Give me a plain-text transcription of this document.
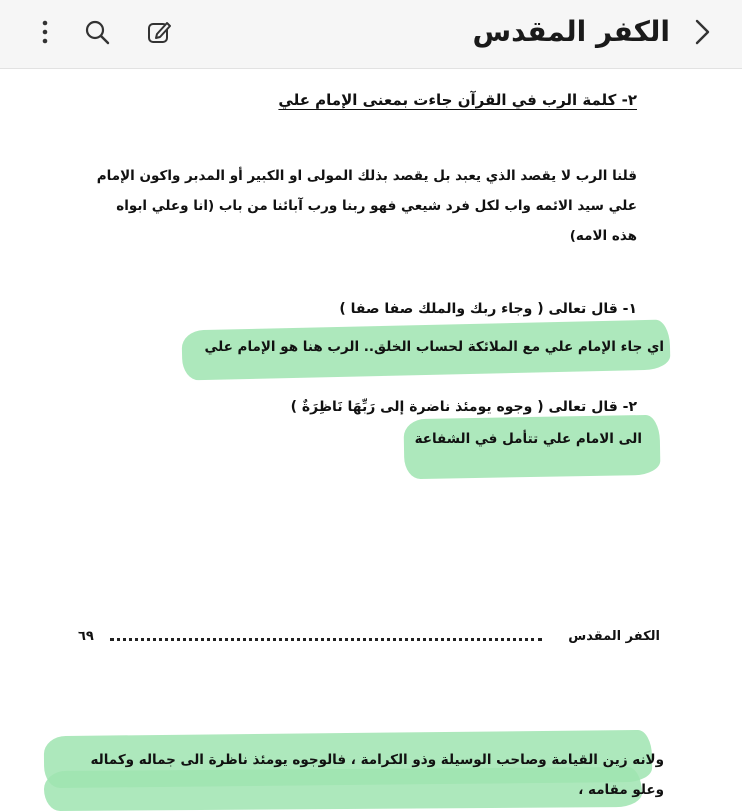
الكفر المقدس
٢- كلمة الرب في القرآن جاءت بمعنى الإمام علي
قلنا الرب لا يقصد الذي يعبد بل يقصد بذلك المولى او الكبير أو المدبر واكون الإمام علي سيد الائمه واب لكل فرد شيعي فهو ربنا ورب آبائنا من باب (انا وعلي ابواه هذه الامه)
١- قال تعالى ( وجاء ربك والملك صفا صفا )
اي جاء الإمام علي مع الملائكة لحساب الخلق.. الرب هنا هو الإمام علي
٢- قال تعالى ( وجوه يومئذ ناضرة إلى رَبِّهَا نَاظِرَةٌ )
الى الامام علي تتأمل في الشفاعة
٦٩	الكفر المقدس
ولانه زين القيامة وصاحب الوسيلة وذو الكرامة ، فالوجوه يومئذ ناظرة الى جماله وكماله وعلو مقامه ،
